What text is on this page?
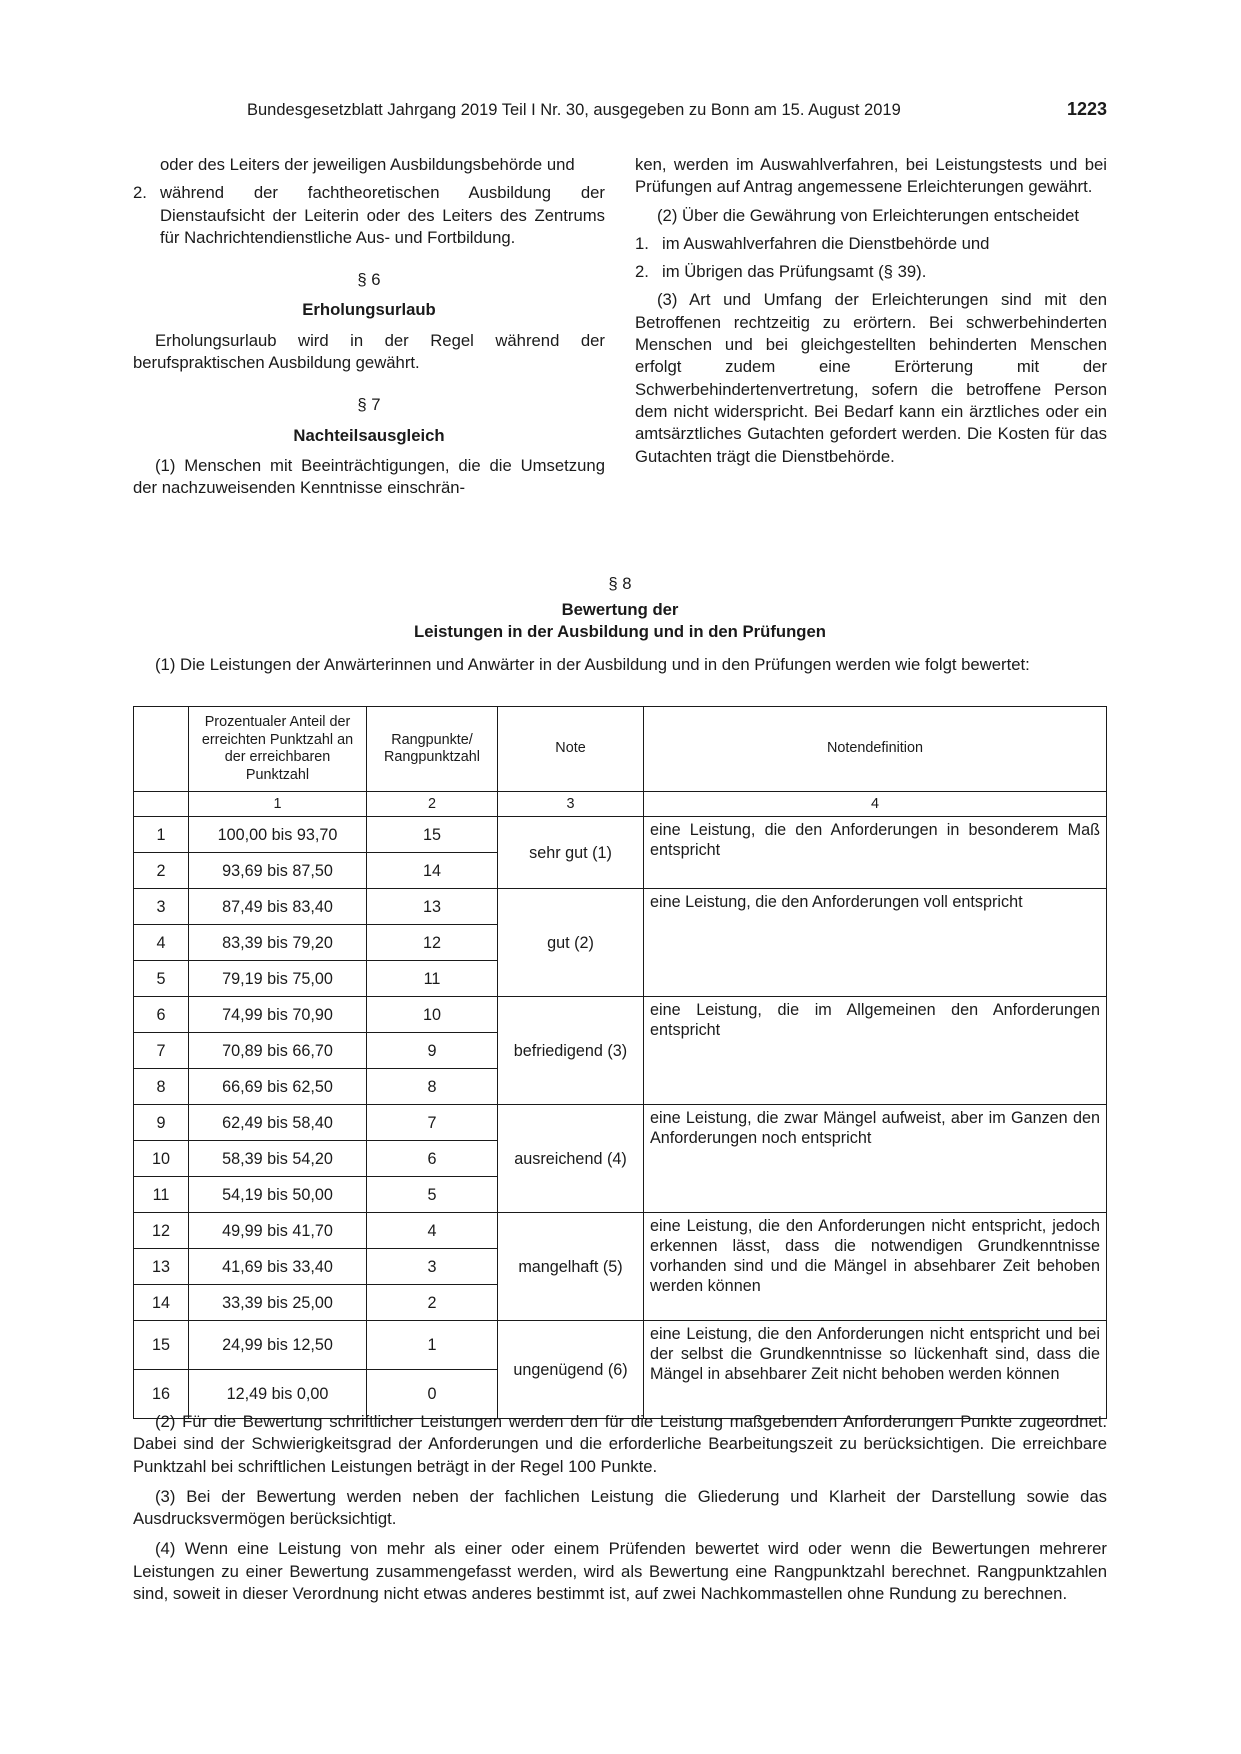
Bundesgesetzblatt Jahrgang 2019 Teil I Nr. 30, ausgegeben zu Bonn am 15. August 2019	1223

oder des Leiters der jeweiligen Ausbildungsbehörde und

2. während der fachtheoretischen Ausbildung der Dienstaufsicht der Leiterin oder des Leiters des Zentrums für Nachrichtendienstliche Aus- und Fortbildung.

§ 6

Erholungsurlaub

Erholungsurlaub wird in der Regel während der berufspraktischen Ausbildung gewährt.

§ 7

Nachteilsausgleich

(1) Menschen mit Beeinträchtigungen, die die Umsetzung der nachzuweisenden Kenntnisse einschrän-

ken, werden im Auswahlverfahren, bei Leistungstests und bei Prüfungen auf Antrag angemessene Erleichterungen gewährt.

(2) Über die Gewährung von Erleichterungen entscheidet

1. im Auswahlverfahren die Dienstbehörde und
2. im Übrigen das Prüfungsamt (§ 39).

(3) Art und Umfang der Erleichterungen sind mit den Betroffenen rechtzeitig zu erörtern. Bei schwerbehinderten Menschen und bei gleichgestellten behinderten Menschen erfolgt zudem eine Erörterung mit der Schwerbehindertenvertretung, sofern die betroffene Person dem nicht widerspricht. Bei Bedarf kann ein ärztliches oder ein amtsärztliches Gutachten gefordert werden. Die Kosten für das Gutachten trägt die Dienstbehörde.

§ 8
Bewertung der
Leistungen in der Ausbildung und in den Prüfungen
(1) Die Leistungen der Anwärterinnen und Anwärter in der Ausbildung und in den Prüfungen werden wie folgt bewertet:
	Prozentualer Anteil der erreichten Punktzahl an der erreichbaren Punktzahl	Rangpunkte/ Rangpunktzahl	Note	Notendefinition
	1	2	3	4
1	100,00 bis 93,70	15	sehr gut (1)	eine Leistung, die den Anforderungen in besonderem Maß entspricht
2	93,69 bis 87,50	14		
3	87,49 bis 83,40	13	gut (2)	eine Leistung, die den Anforderungen voll entspricht
4	83,39 bis 79,20	12		
5	79,19 bis 75,00	11		
6	74,99 bis 70,90	10	befriedigend (3)	eine Leistung, die im Allgemeinen den Anforderungen entspricht
7	70,89 bis 66,70	9		
8	66,69 bis 62,50	8		
9	62,49 bis 58,40	7	ausreichend (4)	eine Leistung, die zwar Mängel aufweist, aber im Ganzen den Anforderungen noch entspricht
10	58,39 bis 54,20	6		
11	54,19 bis 50,00	5		
12	49,99 bis 41,70	4	mangelhaft (5)	eine Leistung, die den Anforderungen nicht entspricht, jedoch erkennen lässt, dass die notwendigen Grundkenntnisse vorhanden sind und die Mängel in absehbarer Zeit behoben werden können
13	41,69 bis 33,40	3		
14	33,39 bis 25,00	2		
15	24,99 bis 12,50	1	ungenügend (6)	eine Leistung, die den Anforderungen nicht entspricht und bei der selbst die Grundkenntnisse so lückenhaft sind, dass die Mängel in absehbarer Zeit nicht behoben werden können
16	12,49 bis 0,00	0		

(2) Für die Bewertung schriftlicher Leistungen werden den für die Leistung maßgebenden Anforderungen Punkte zugeordnet. Dabei sind der Schwierigkeitsgrad der Anforderungen und die erforderliche Bearbeitungszeit zu berücksichtigen. Die erreichbare Punktzahl bei schriftlichen Leistungen beträgt in der Regel 100 Punkte.

(3) Bei der Bewertung werden neben der fachlichen Leistung die Gliederung und Klarheit der Darstellung sowie das Ausdrucksvermögen berücksichtigt.

(4) Wenn eine Leistung von mehr als einer oder einem Prüfenden bewertet wird oder wenn die Bewertungen mehrerer Leistungen zu einer Bewertung zusammengefasst werden, wird als Bewertung eine Rangpunktzahl berechnet. Rangpunktzahlen sind, soweit in dieser Verordnung nicht etwas anderes bestimmt ist, auf zwei Nachkommastellen ohne Rundung zu berechnen.
